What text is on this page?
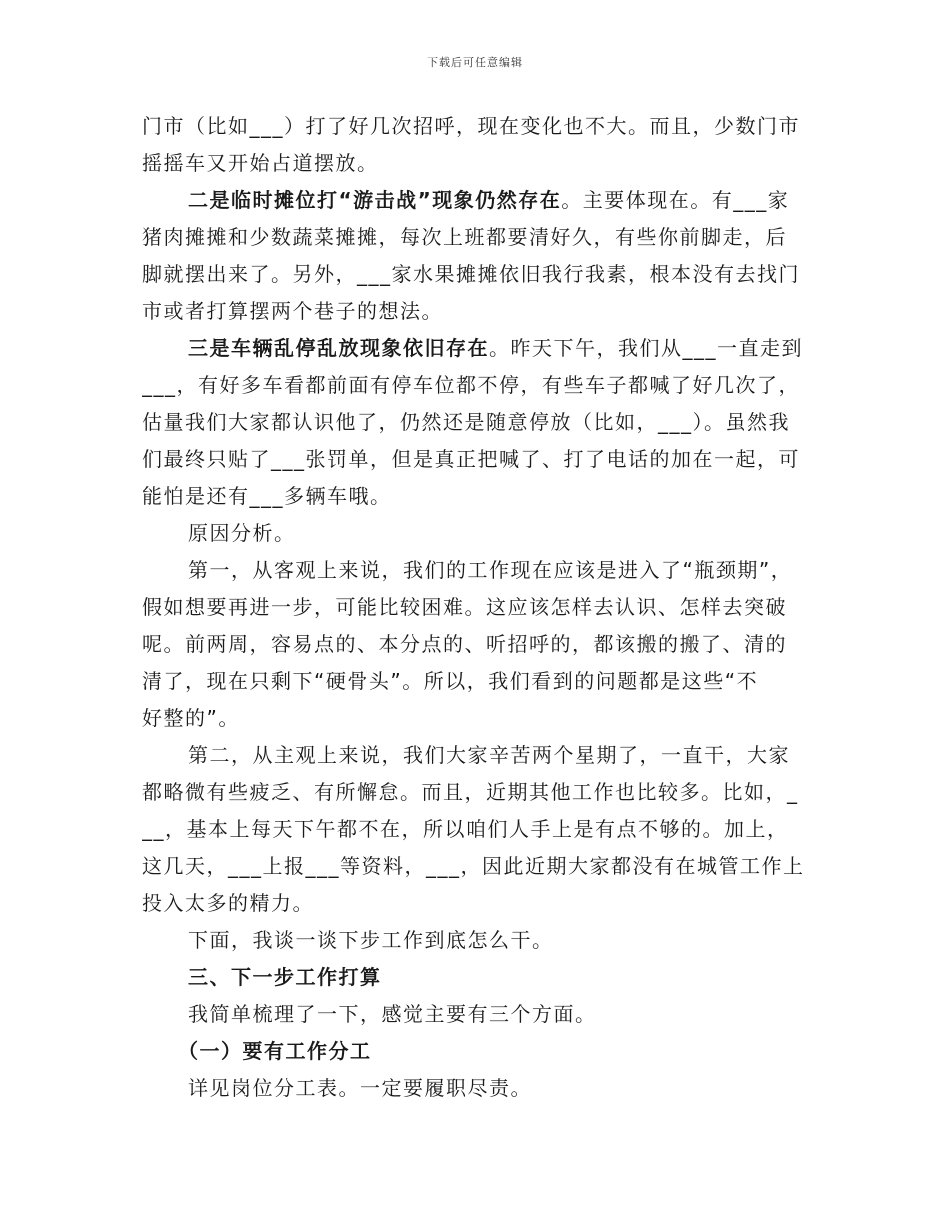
下载后可任意编辑
门市（比如___）打了好几次招呼，现在变化也不大。而且，少数门市
摇摇车又开始占道摆放。
二是临时摊位打“游击战”现象仍然存在。主要体现在。有___家
猪肉摊摊和少数蔬菜摊摊，每次上班都要清好久，有些你前脚走，后
脚就摆出来了。另外，___家水果摊摊依旧我行我素，根本没有去找门
市或者打算摆两个巷子的想法。
三是车辆乱停乱放现象依旧存在。昨天下午，我们从___一直走到
___，有好多车看都前面有停车位都不停，有些车子都喊了好几次了，
估量我们大家都认识他了，仍然还是随意停放（比如，___）。虽然我
们最终只贴了___张罚单，但是真正把喊了、打了电话的加在一起，可
能怕是还有___多辆车哦。
原因分析。
第一，从客观上来说，我们的工作现在应该是进入了“瓶颈期”，
假如想要再进一步，可能比较困难。这应该怎样去认识、怎样去突破
呢。前两周，容易点的、本分点的、听招呼的，都该搬的搬了、清的
清了，现在只剩下“硬骨头”。所以，我们看到的问题都是这些“不
好整的”。
第二，从主观上来说，我们大家辛苦两个星期了，一直干，大家
都略微有些疲乏、有所懈怠。而且，近期其他工作也比较多。比如，_
__，基本上每天下午都不在，所以咱们人手上是有点不够的。加上，
这几天，___上报___等资料，___，因此近期大家都没有在城管工作上
投入太多的精力。
下面，我谈一谈下步工作到底怎么干。
三、下一步工作打算
我简单梳理了一下，感觉主要有三个方面。
（一）要有工作分工
详见岗位分工表。一定要履职尽责。
